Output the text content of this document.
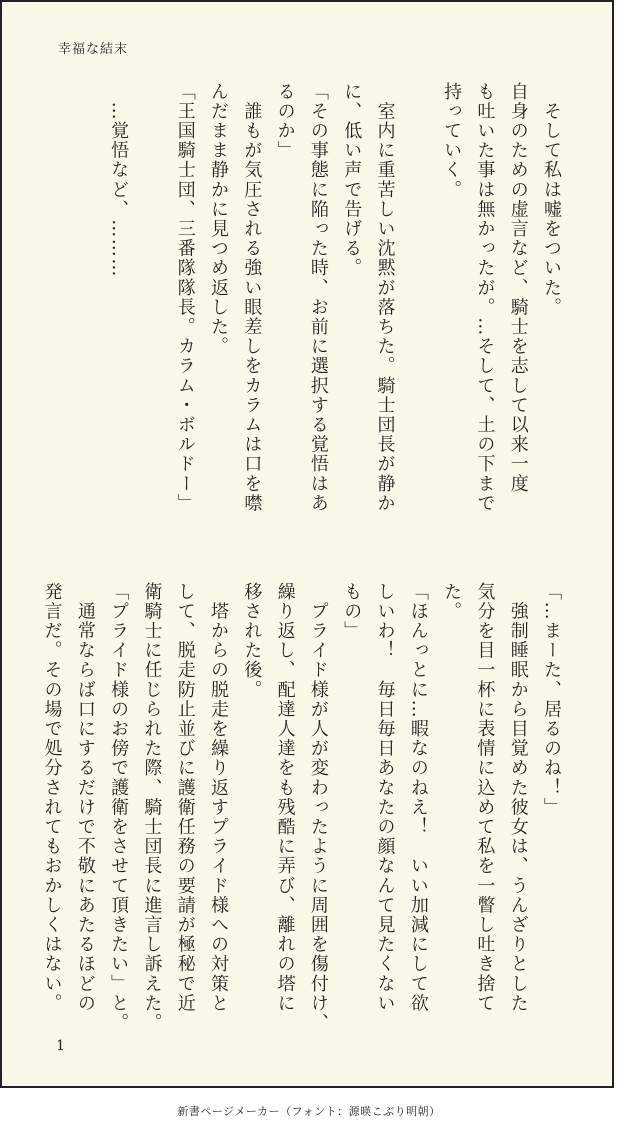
幸福な結末
　そして私は嘘をついた。
自身のための虚言など、騎士を志して以来一度
も吐いた事は無かったが。…そして、土の下まで
持っていく。

　室内に重苦しい沈黙が落ちた。騎士団長が静か
に、低い声で告げる。
「その事態に陥った時、お前に選択する覚悟はあ
るのか」
　誰もが気圧される強い眼差しをカラムは口を噤
んだまま静かに見つめ返した。
「王国騎士団、三番隊隊長。カラム・ボルドー」

　…覚悟など、………
「…まーた、居るのね！」
　強制睡眠から目覚めた彼女は、うんざりとした
気分を目一杯に表情に込めて私を一瞥し吐き捨て
た。
「ほんっとに…暇なのねえ！　いい加減にして欲
しいわ！　毎日毎日あなたの顔なんて見たくない
もの」
　プライド様が人が変わったように周囲を傷付け、
繰り返し、配達人達をも残酷に弄び、離れの塔に
移された後。
　塔からの脱走を繰り返すプライド様への対策と
して、脱走防止並びに護衛任務の要請が極秘で近
衛騎士に任じられた際、騎士団長に進言し訴えた。
「プライド様のお傍で護衛をさせて頂きたい」と。
　通常ならば口にするだけで不敬にあたるほどの
発言だ。その場で処分されてもおかしくはない。
1
新書ページメーカー（フォント：源暎こぶり明朝）
